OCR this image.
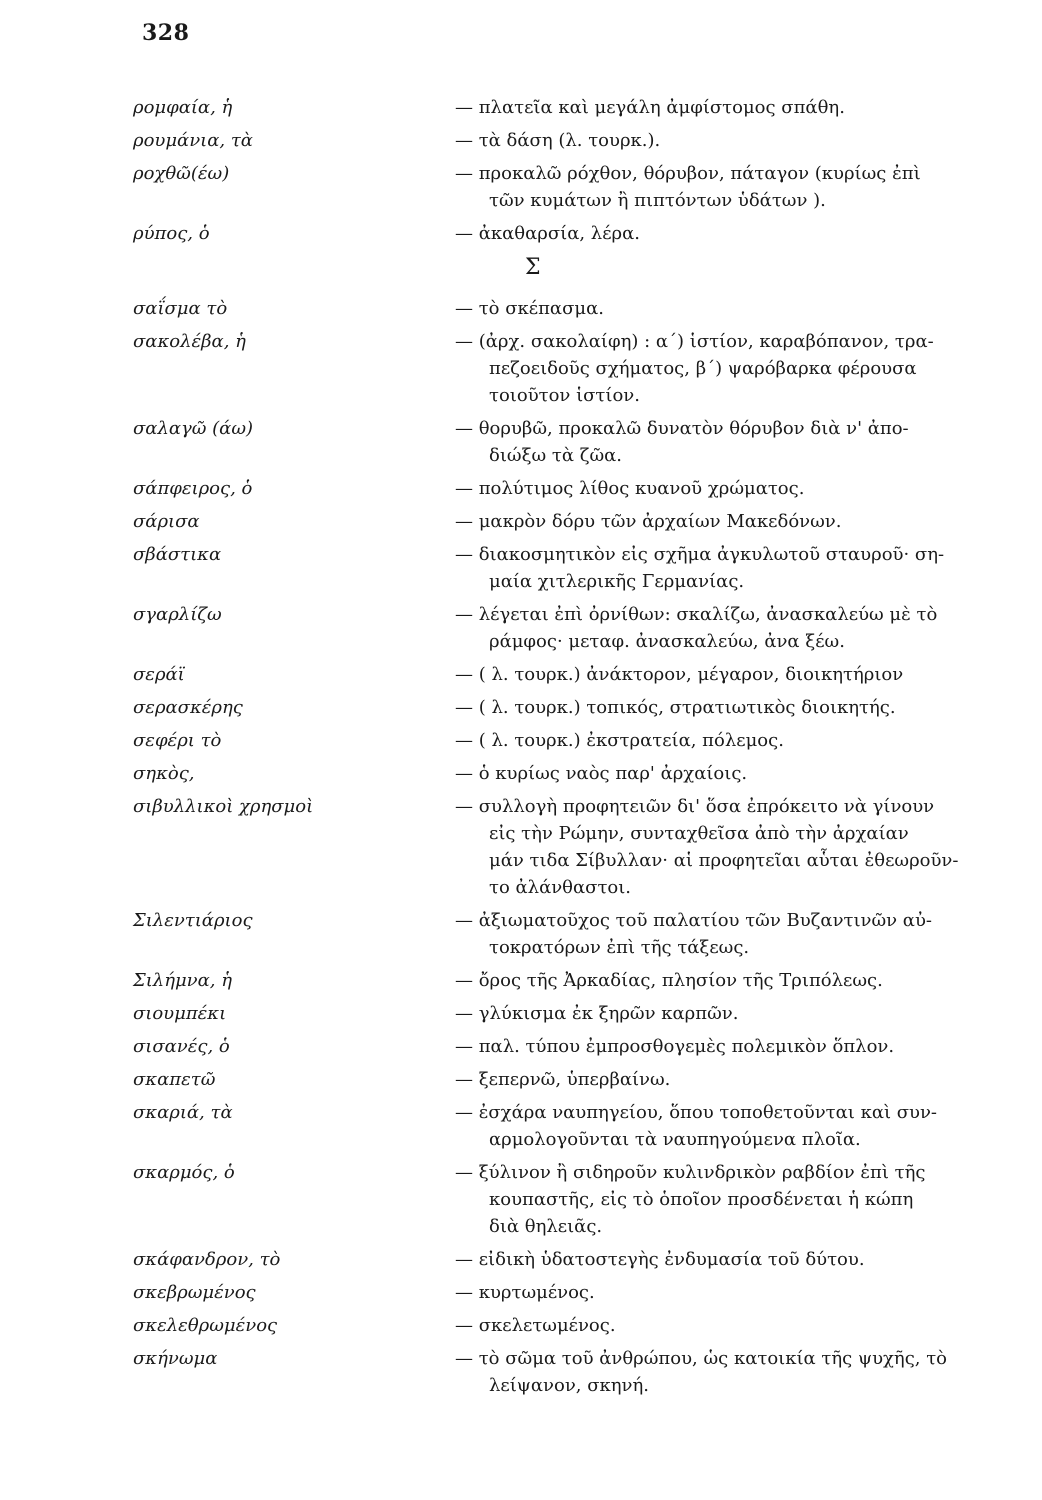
328
ρομφαία, ἡ	— πλατεῖα καὶ μεγάλη ἀμφίστομος σπάθη.
ρουμάνια, τὰ	— τὰ δάση (λ. τουρκ.).
ροχθῶ(έω)	— προκαλῶ ρόχθον, θόρυβον, πάταγον (κυρίως ἐπὶ
τῶν κυμάτων ἢ πιπτόντων ὑδάτων ).
ρύπος, ὁ	— ἀκαθαρσία, λέρα.
Σ
σαΐσμα τὸ	— τὸ σκέπασμα.
σακολέβα, ἡ	— (ἀρχ. σακολαίφη) : α΄) ἱστίον, καραβόπανον, τρα-
πεζοειδοῦς σχήματος, β΄) ψαρόβαρκα φέρουσα
τοιοῦτον ἱστίον.
σαλαγῶ (άω)	— θορυβῶ, προκαλῶ δυνατὸν θόρυβον διὰ ν' ἀπο-
διώξω τὰ ζῶα.
σάπφειρος, ὁ	— πολύτιμος λίθος κυανοῦ χρώματος.
σάρισα	— μακρὸν δόρυ τῶν ἀρχαίων Μακεδόνων.
σβάστικα	— διακοσμητικὸν εἰς σχῆμα ἀγκυλωτοῦ σταυροῦ· ση-
μαία χιτλερικῆς Γερμανίας.
σγαρλίζω	— λέγεται ἐπὶ ὀρνίθων: σκαλίζω, ἀνασκαλεύω μὲ τὸ
ράμφος· μεταφ. ἀνασκαλεύω, ἀνα ξέω.
σεράϊ	— ( λ. τουρκ.) ἀνάκτορον, μέγαρον, διοικητήριον
σερασκέρης	— ( λ. τουρκ.) τοπικός, στρατιωτικὸς διοικητής.
σεφέρι τὸ	— ( λ. τουρκ.) ἐκστρατεία, πόλεμος.
σηκὸς,	— ὁ κυρίως ναὸς παρ' ἀρχαίοις.
σιβυλλικοὶ χρησμοὶ	— συλλογὴ προφητειῶν δι' ὅσα ἐπρόκειτο νὰ γίνουν
εἰς τὴν Ρώμην, συνταχθεῖσα ἀπὸ τὴν ἀρχαίαν
μάν τιδα Σίβυλλαν· αἱ προφητεῖαι αὗται ἐθεωροῦν-
το ἀλάνθαστοι.
Σιλεντιάριος	— ἀξιωματοῦχος τοῦ παλατίου τῶν Βυζαντινῶν αὐ-
τοκρατόρων ἐπὶ τῆς τάξεως.
Σιλήμνα, ἡ	— ὄρος τῆς Ἀρκαδίας, πλησίον τῆς Τριπόλεως.
σιουμπέκι	— γλύκισμα ἐκ ξηρῶν καρπῶν.
σισανές, ὁ	— παλ. τύπου ἐμπροσθογεμὲς πολεμικὸν ὅπλον.
σκαπετῶ	— ξεπερνῶ, ὑπερβαίνω.
σκαριά, τὰ	— ἐσχάρα ναυπηγείου, ὅπου τοποθετοῦνται καὶ συν-
αρμολογοῦνται τὰ ναυπηγούμενα πλοῖα.
σκαρμός, ὁ	— ξύλινον ἢ σιδηροῦν κυλινδρικὸν ραβδίον ἐπὶ τῆς
κουπαστῆς, εἰς τὸ ὁποῖον προσδένεται ἡ κώπη
διὰ θηλειᾶς.
σκάφανδρον, τὸ	— εἰδικὴ ὑδατοστεγὴς ἐνδυμασία τοῦ δύτου.
σκεβρωμένος	— κυρτωμένος.
σκελεθρωμένος	— σκελετωμένος.
σκήνωμα	— τὸ σῶμα τοῦ ἀνθρώπου, ὡς κατοικία τῆς ψυχῆς, τὸ
λείψανον, σκηνή.
